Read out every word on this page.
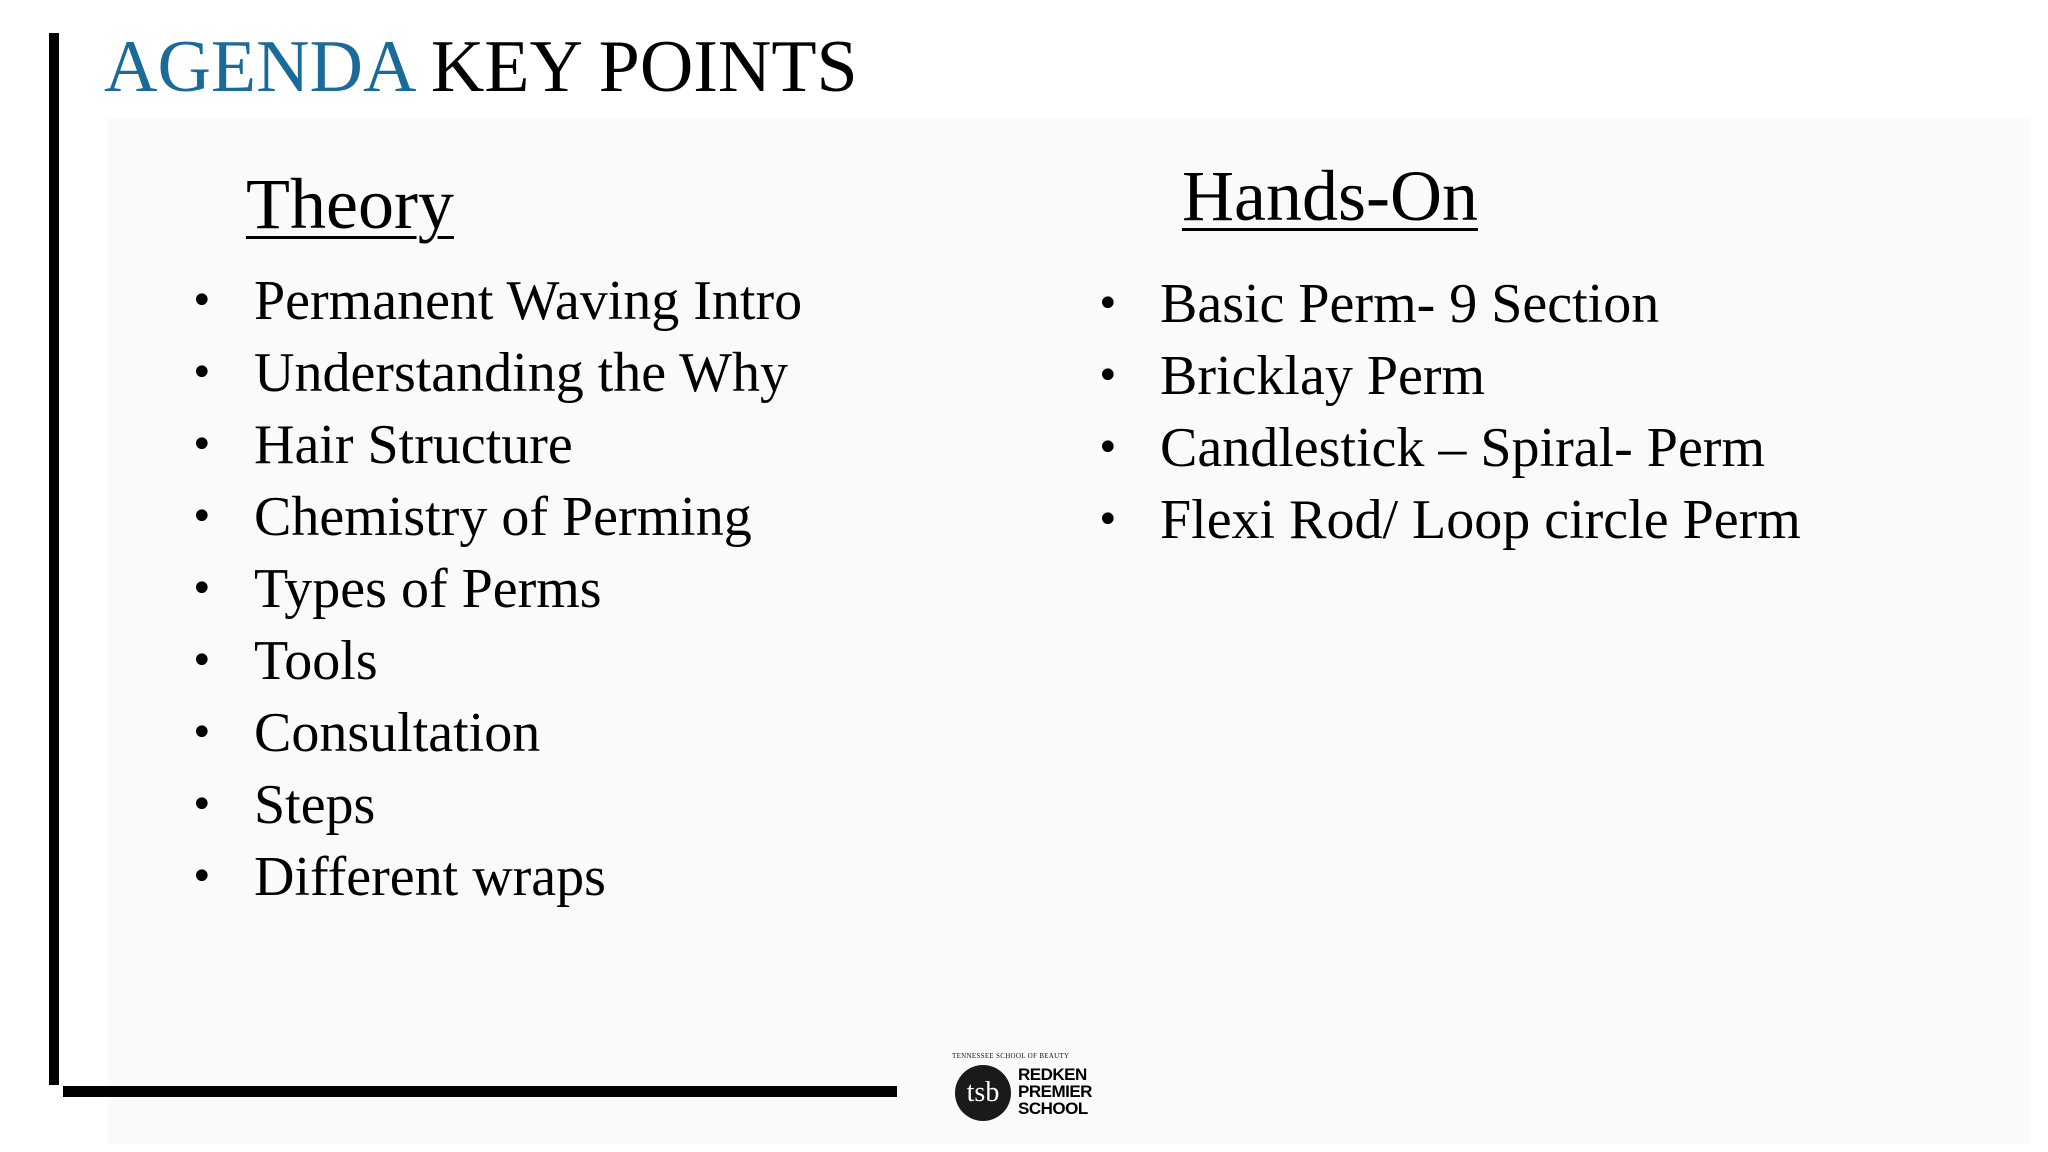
AGENDA KEY POINTS
Theory
• Permanent Waving Intro
• Understanding the Why
• Hair Structure
• Chemistry of Perming
• Types of Perms
• Tools
• Consultation
• Steps
• Different wraps
Hands-On
• Basic Perm- 9 Section
• Bricklay Perm
• Candlestick – Spiral- Perm
• Flexi Rod/ Loop circle Perm
TENNESSEE SCHOOL OF BEAUTY
tsb
REDKEN
PREMIER
SCHOOL
